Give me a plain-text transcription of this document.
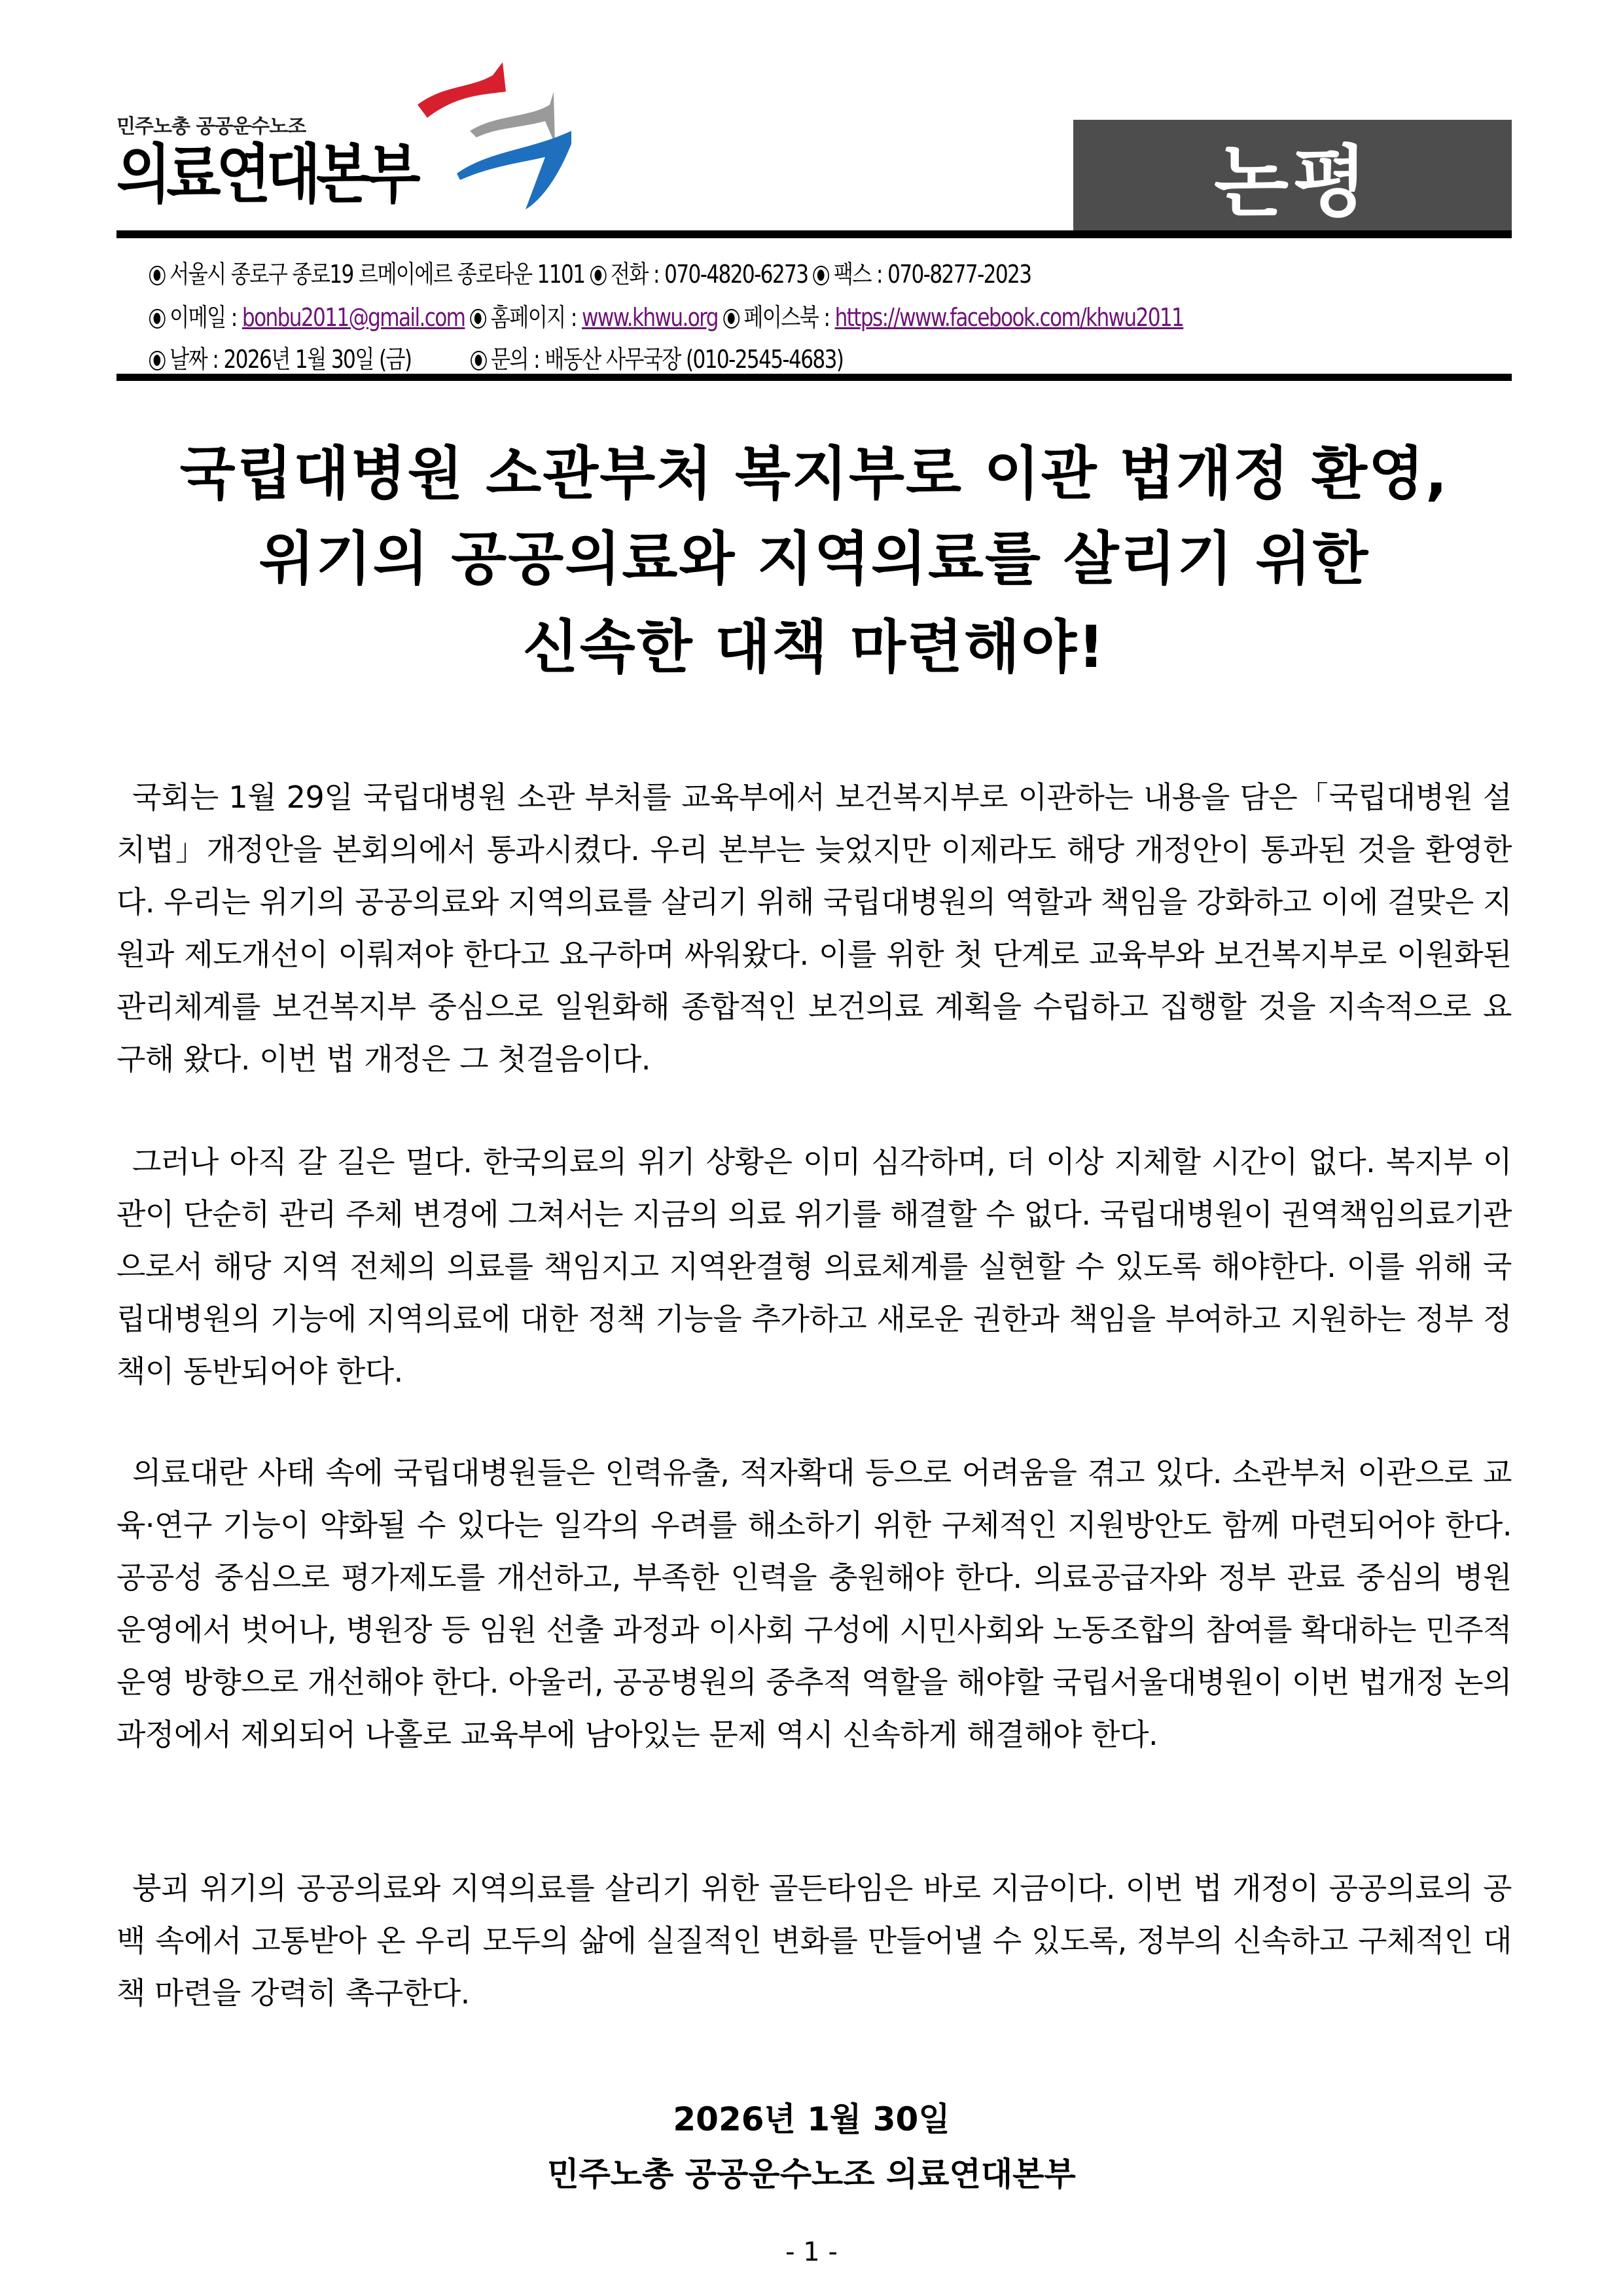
민주노총 공공운수노조
의료연대본부	논평
서울시 종로구 종로19 르메이에르 종로타운 1101 전화 : 070-4820-6273 팩스 : 070-8277-2023
이메일 : bonbu2011@gmail.com 홈페이지 : www.khwu.org 페이스북 : https://www.facebook.com/khwu2011
날짜 : 2026년 1월 30일 (금)	문의 : 배동산 사무국장 (010-2545-4683)
국립대병원 소관부처 복지부로 이관 법개정 환영,
위기의 공공의료와 지역의료를 살리기 위한
신속한 대책 마련해야!

국회는 1월 29일 국립대병원 소관 부처를 교육부에서 보건복지부로 이관하는 내용을 담은「국립대병원 설치법」개정안을 본회의에서 통과시켰다. 우리 본부는 늦었지만 이제라도 해당 개정안이 통과된 것을 환영한다. 우리는 위기의 공공의료와 지역의료를 살리기 위해 국립대병원의 역할과 책임을 강화하고 이에 걸맞은 지원과 제도개선이 이뤄져야 한다고 요구하며 싸워왔다. 이를 위한 첫 단계로 교육부와 보건복지부로 이원화된 관리체계를 보건복지부 중심으로 일원화해 종합적인 보건의료 계획을 수립하고 집행할 것을 지속적으로 요구해 왔다. 이번 법 개정은 그 첫걸음이다.

그러나 아직 갈 길은 멀다. 한국의료의 위기 상황은 이미 심각하며, 더 이상 지체할 시간이 없다. 복지부 이관이 단순히 관리 주체 변경에 그쳐서는 지금의 의료 위기를 해결할 수 없다. 국립대병원이 권역책임의료기관으로서 해당 지역 전체의 의료를 책임지고 지역완결형 의료체계를 실현할 수 있도록 해야한다. 이를 위해 국립대병원의 기능에 지역의료에 대한 정책 기능을 추가하고 새로운 권한과 책임을 부여하고 지원하는 정부 정책이 동반되어야 한다.

의료대란 사태 속에 국립대병원들은 인력유출, 적자확대 등으로 어려움을 겪고 있다. 소관부처 이관으로 교육·연구 기능이 약화될 수 있다는 일각의 우려를 해소하기 위한 구체적인 지원방안도 함께 마련되어야 한다. 공공성 중심으로 평가제도를 개선하고, 부족한 인력을 충원해야 한다. 의료공급자와 정부 관료 중심의 병원 운영에서 벗어나, 병원장 등 임원 선출 과정과 이사회 구성에 시민사회와 노동조합의 참여를 확대하는 민주적 운영 방향으로 개선해야 한다. 아울러, 공공병원의 중추적 역할을 해야할 국립서울대병원이 이번 법개정 논의과정에서 제외되어 나홀로 교육부에 남아있는 문제 역시 신속하게 해결해야 한다.

붕괴 위기의 공공의료와 지역의료를 살리기 위한 골든타임은 바로 지금이다. 이번 법 개정이 공공의료의 공백 속에서 고통받아 온 우리 모두의 삶에 실질적인 변화를 만들어낼 수 있도록, 정부의 신속하고 구체적인 대책 마련을 강력히 촉구한다.

2026년 1월 30일
민주노총 공공운수노조 의료연대본부
- 1 -
